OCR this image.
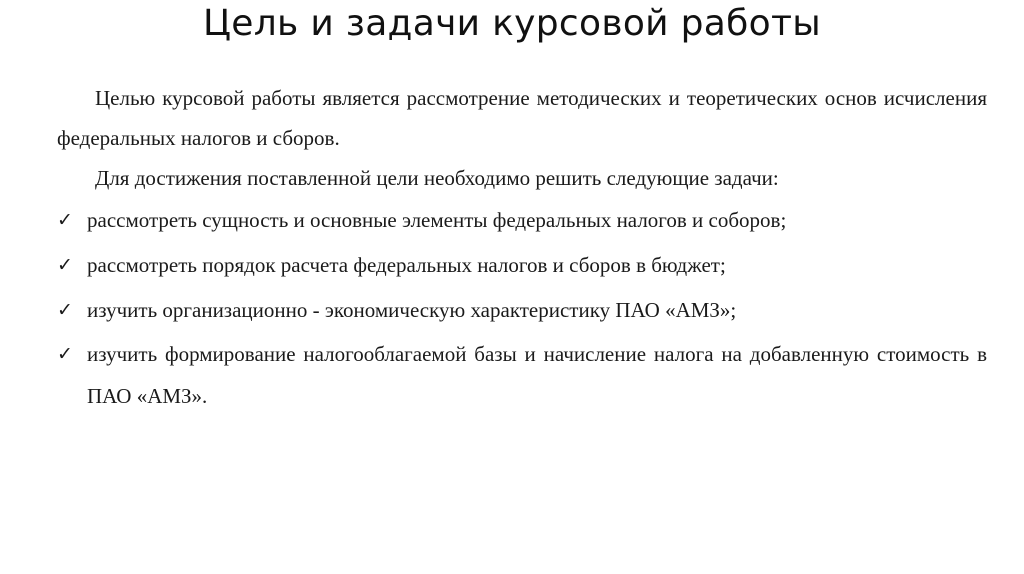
Цель и задачи курсовой работы

Целью курсовой работы является рассмотрение методических и теоретических основ исчисления федеральных налогов и сборов.

Для достижения поставленной цели необходимо решить следующие задачи:

✓ рассмотреть сущность и основные элементы федеральных налогов и соборов;
✓ рассмотреть порядок расчета федеральных налогов и сборов в бюджет;
✓ изучить организационно - экономическую характеристику ПАО «АМЗ»;
✓ изучить формирование налогооблагаемой базы и начисление налога на добавленную стоимость в ПАО «АМЗ».
